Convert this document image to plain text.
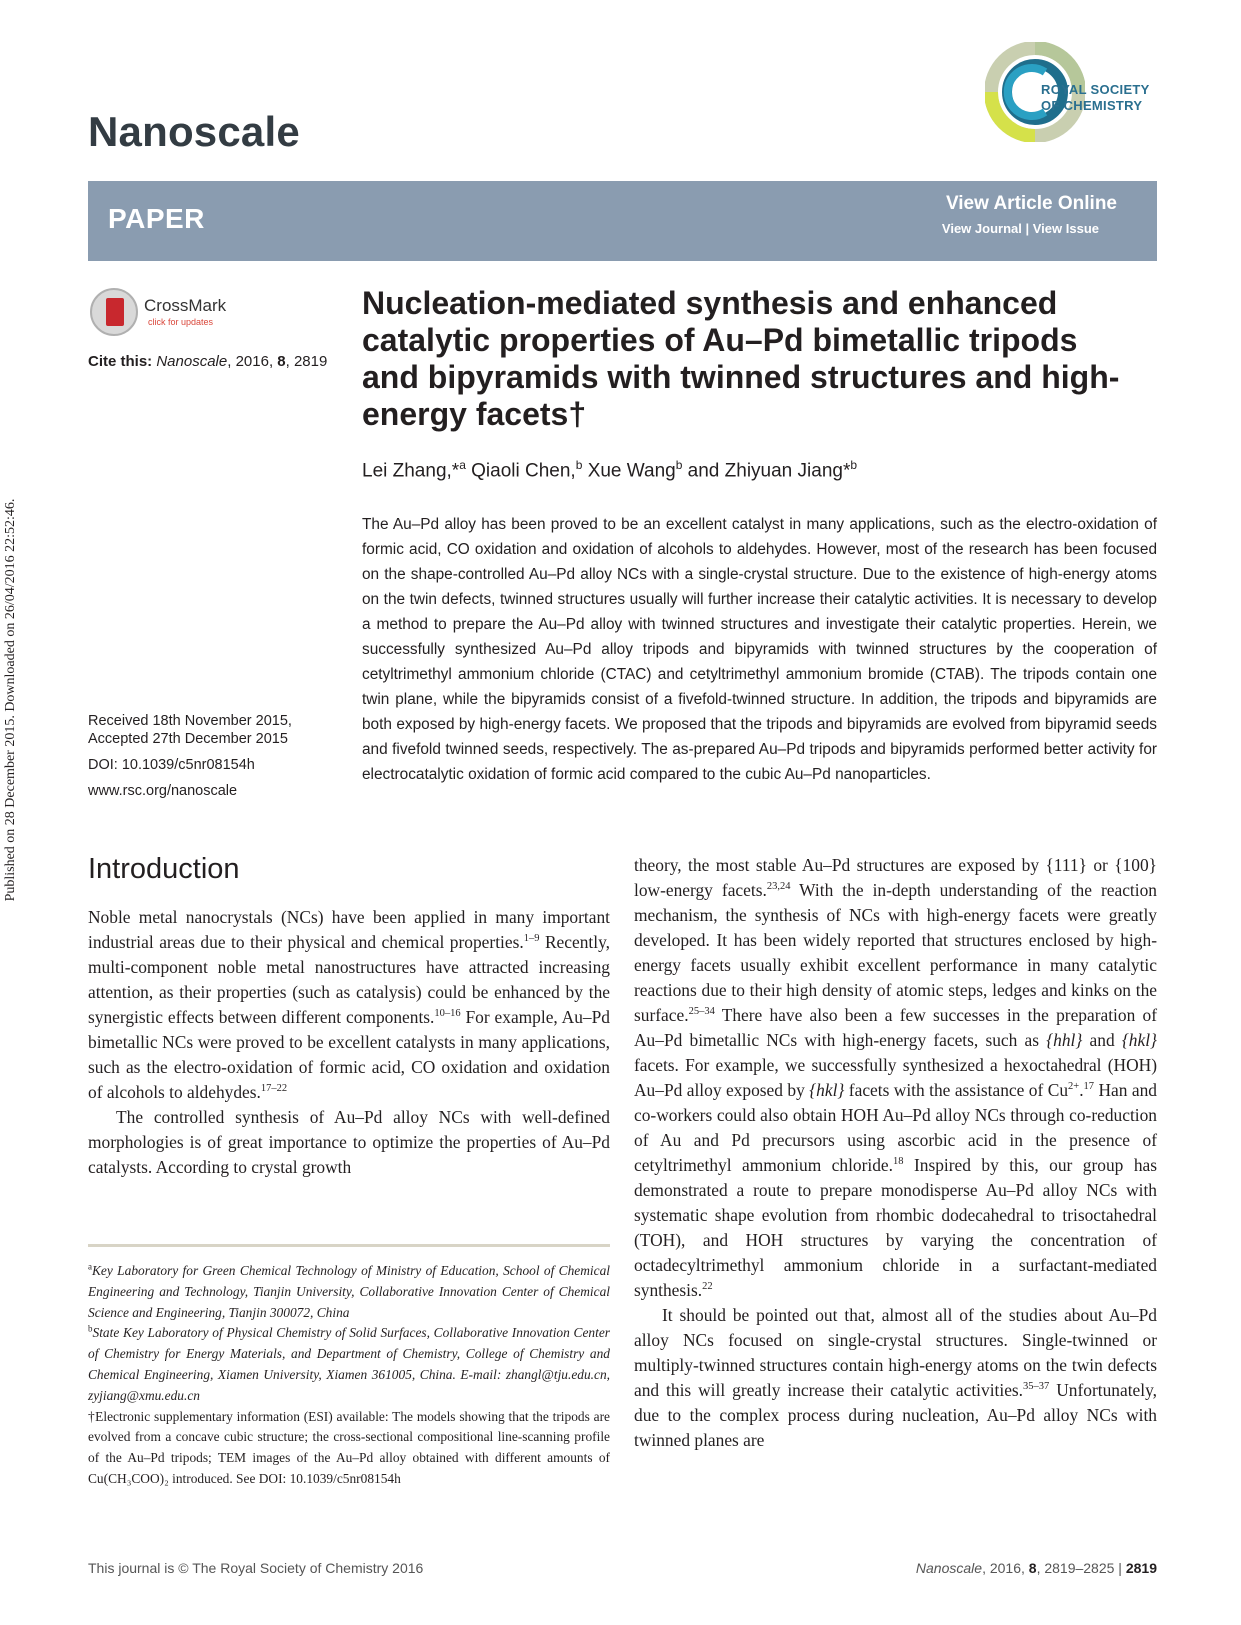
Published on 28 December 2015. Downloaded on 26/04/2016 22:52:46.
Nanoscale
ROYAL SOCIETY
OF CHEMISTRY
PAPER	View Article Online
View Journal | View Issue
CrossMark
click for updates
Cite this: Nanoscale, 2016, 8, 2819
Nucleation-mediated synthesis and enhanced catalytic properties of Au–Pd bimetallic tripods and bipyramids with twinned structures and high-energy facets†
Lei Zhang,*$^a$ Qiaoli Chen,$^b$ Xue Wang$^b$ and Zhiyuan Jiang*$^b$
The Au–Pd alloy has been proved to be an excellent catalyst in many applications, such as the electro-oxidation of formic acid, CO oxidation and oxidation of alcohols to aldehydes. However, most of the research has been focused on the shape-controlled Au–Pd alloy NCs with a single-crystal structure. Due to the existence of high-energy atoms on the twin defects, twinned structures usually will further increase their catalytic activities. It is necessary to develop a method to prepare the Au–Pd alloy with twinned structures and investigate their catalytic properties. Herein, we successfully synthesized Au–Pd alloy tripods and bipyramids with twinned structures by the cooperation of cetyltrimethyl ammonium chloride (CTAC) and cetyltrimethyl ammonium bromide (CTAB). The tripods contain one twin plane, while the bipyramids consist of a fivefold-twinned structure. In addition, the tripods and bipyramids are both exposed by high-energy facets. We proposed that the tripods and bipyramids are evolved from bipyramid seeds and fivefold twinned seeds, respectively. The as-prepared Au–Pd tripods and bipyramids performed better activity for electrocatalytic oxidation of formic acid compared to the cubic Au–Pd nanoparticles.
Received 18th November 2015,
Accepted 27th December 2015
DOI: 10.1039/c5nr08154h
www.rsc.org/nanoscale
Introduction

Noble metal nanocrystals (NCs) have been applied in many important industrial areas due to their physical and chemical properties.$^{1-9}$ Recently, multi-component noble metal nanostructures have attracted increasing attention, as their properties (such as catalysis) could be enhanced by the synergistic effects between different components.$^{10-16}$ For example, Au–Pd bimetallic NCs were proved to be excellent catalysts in many applications, such as the electro-oxidation of formic acid, CO oxidation and oxidation of alcohols to aldehydes.$^{17-22}$

The controlled synthesis of Au–Pd alloy NCs with well-defined morphologies is of great importance to optimize the properties of Au–Pd catalysts. According to crystal growth

$^a$Key Laboratory for Green Chemical Technology of Ministry of Education, School of Chemical Engineering and Technology, Tianjin University, Collaborative Innovation Center of Chemical Science and Engineering, Tianjin 300072, China

$^b$State Key Laboratory of Physical Chemistry of Solid Surfaces, Collaborative Innovation Center of Chemistry for Energy Materials, and Department of Chemistry, College of Chemistry and Chemical Engineering, Xiamen University, Xiamen 361005, China. E-mail: zhangl@tju.edu.cn, zyjiang@xmu.edu.cn

†Electronic supplementary information (ESI) available: The models showing that the tripods are evolved from a concave cubic structure; the cross-sectional compositional line-scanning profile of the Au–Pd tripods; TEM images of the Au–Pd alloy obtained with different amounts of Cu(CH₃COO)₂ introduced. See DOI: 10.1039/c5nr08154h

theory, the most stable Au–Pd structures are exposed by {111} or {100} low-energy facets.$^{23,24}$ With the in-depth understanding of the reaction mechanism, the synthesis of NCs with high-energy facets were greatly developed. It has been widely reported that structures enclosed by high-energy facets usually exhibit excellent performance in many catalytic reactions due to their high density of atomic steps, ledges and kinks on the surface.$^{25-34}$ There have also been a few successes in the preparation of Au–Pd bimetallic NCs with high-energy facets, such as {hhl} and {hkl} facets. For example, we successfully synthesized a hexoctahedral (HOH) Au–Pd alloy exposed by {hkl} facets with the assistance of $Cu^{2+}.^{17}$ Han and co-workers could also obtain HOH Au–Pd alloy NCs through co-reduction of Au and Pd precursors using ascorbic acid in the presence of cetyltrimethyl ammonium chloride.$^{18}$ Inspired by this, our group has demonstrated a route to prepare monodisperse Au–Pd alloy NCs with systematic shape evolution from rhombic dodecahedral to trisoctahedral (TOH), and HOH structures by varying the concentration of octadecyltrimethyl ammonium chloride in a surfactant-mediated synthesis.$^{22}$

It should be pointed out that, almost all of the studies about Au–Pd alloy NCs focused on single-crystal structures. Single-twinned or multiply-twinned structures contain high-energy atoms on the twin defects and this will greatly increase their catalytic activities.$^{35-37}$ Unfortunately, due to the complex process during nucleation, Au–Pd alloy NCs with twinned planes are

This journal is © The Royal Society of Chemistry 2016	Nanoscale, 2016, 8, 2819–2825 | 2819
